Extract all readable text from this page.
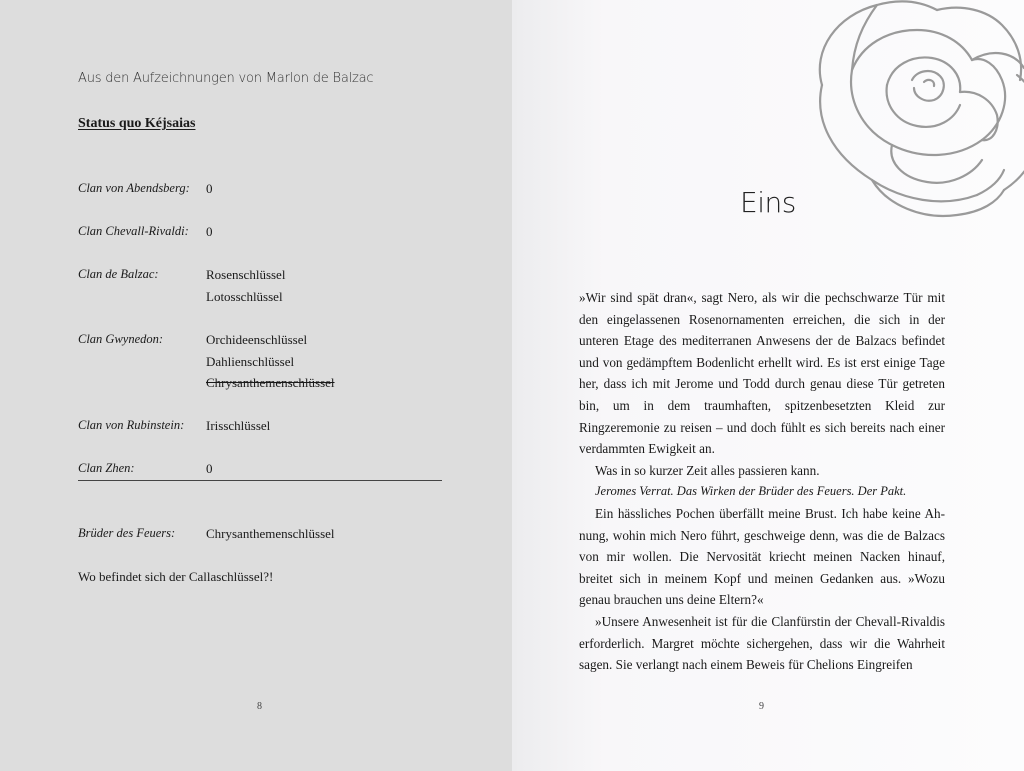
Aus den Aufzeichnungen von Marlon de Balzac
Status quo Kéjsaias
Clan von Abendsberg: 0
Clan Chevall-Rivaldi: 0
Clan de Balzac:	Rosenschlüssel
Lotosschlüssel
Clan Gwynedon:	Orchideenschlüssel
Dahlienschlüssel
Chrysanthemenschlüssel
Clan von Rubinstein: Irisschlüssel
Clan Zhen:	0
Brüder des Feuers: Chrysanthemenschlüssel
Wo befindet sich der Callaschlüssel?!
8
Eins

»Wir sind spät dran«, sagt Nero, als wir die pechschwarze Tür mit den eingelassenen Rosenornamenten erreichen, die sich in der unteren Etage des mediterranen Anwesens der de Balzacs befindet und von gedämpftem Bodenlicht erhellt wird. Es ist erst einige Tage her, dass ich mit Jerome und Todd durch genau diese Tür getreten bin, um in dem traumhaften, spitzenbesetzten Kleid zur Ringzeremonie zu reisen – und doch fühlt es sich bereits nach einer verdammten Ewigkeit an.

Was in so kurzer Zeit alles passieren kann.

Jeromes Verrat. Das Wirken der Brüder des Feuers. Der Pakt.

Ein hässliches Pochen überfällt meine Brust. Ich habe keine Ahnung, wohin mich Nero führt, geschweige denn, was die de Balzacs von mir wollen. Die Nervosität kriecht meinen Nacken hinauf, breitet sich in meinem Kopf und meinen Gedanken aus. »Wozu genau brauchen uns deine Eltern?«

»Unsere Anwesenheit ist für die Clanfürstin der Chevall-Rivaldis erforderlich. Margret möchte sichergehen, dass wir die Wahrheit sagen. Sie verlangt nach einem Beweis für Chelions Eingreifen

9
